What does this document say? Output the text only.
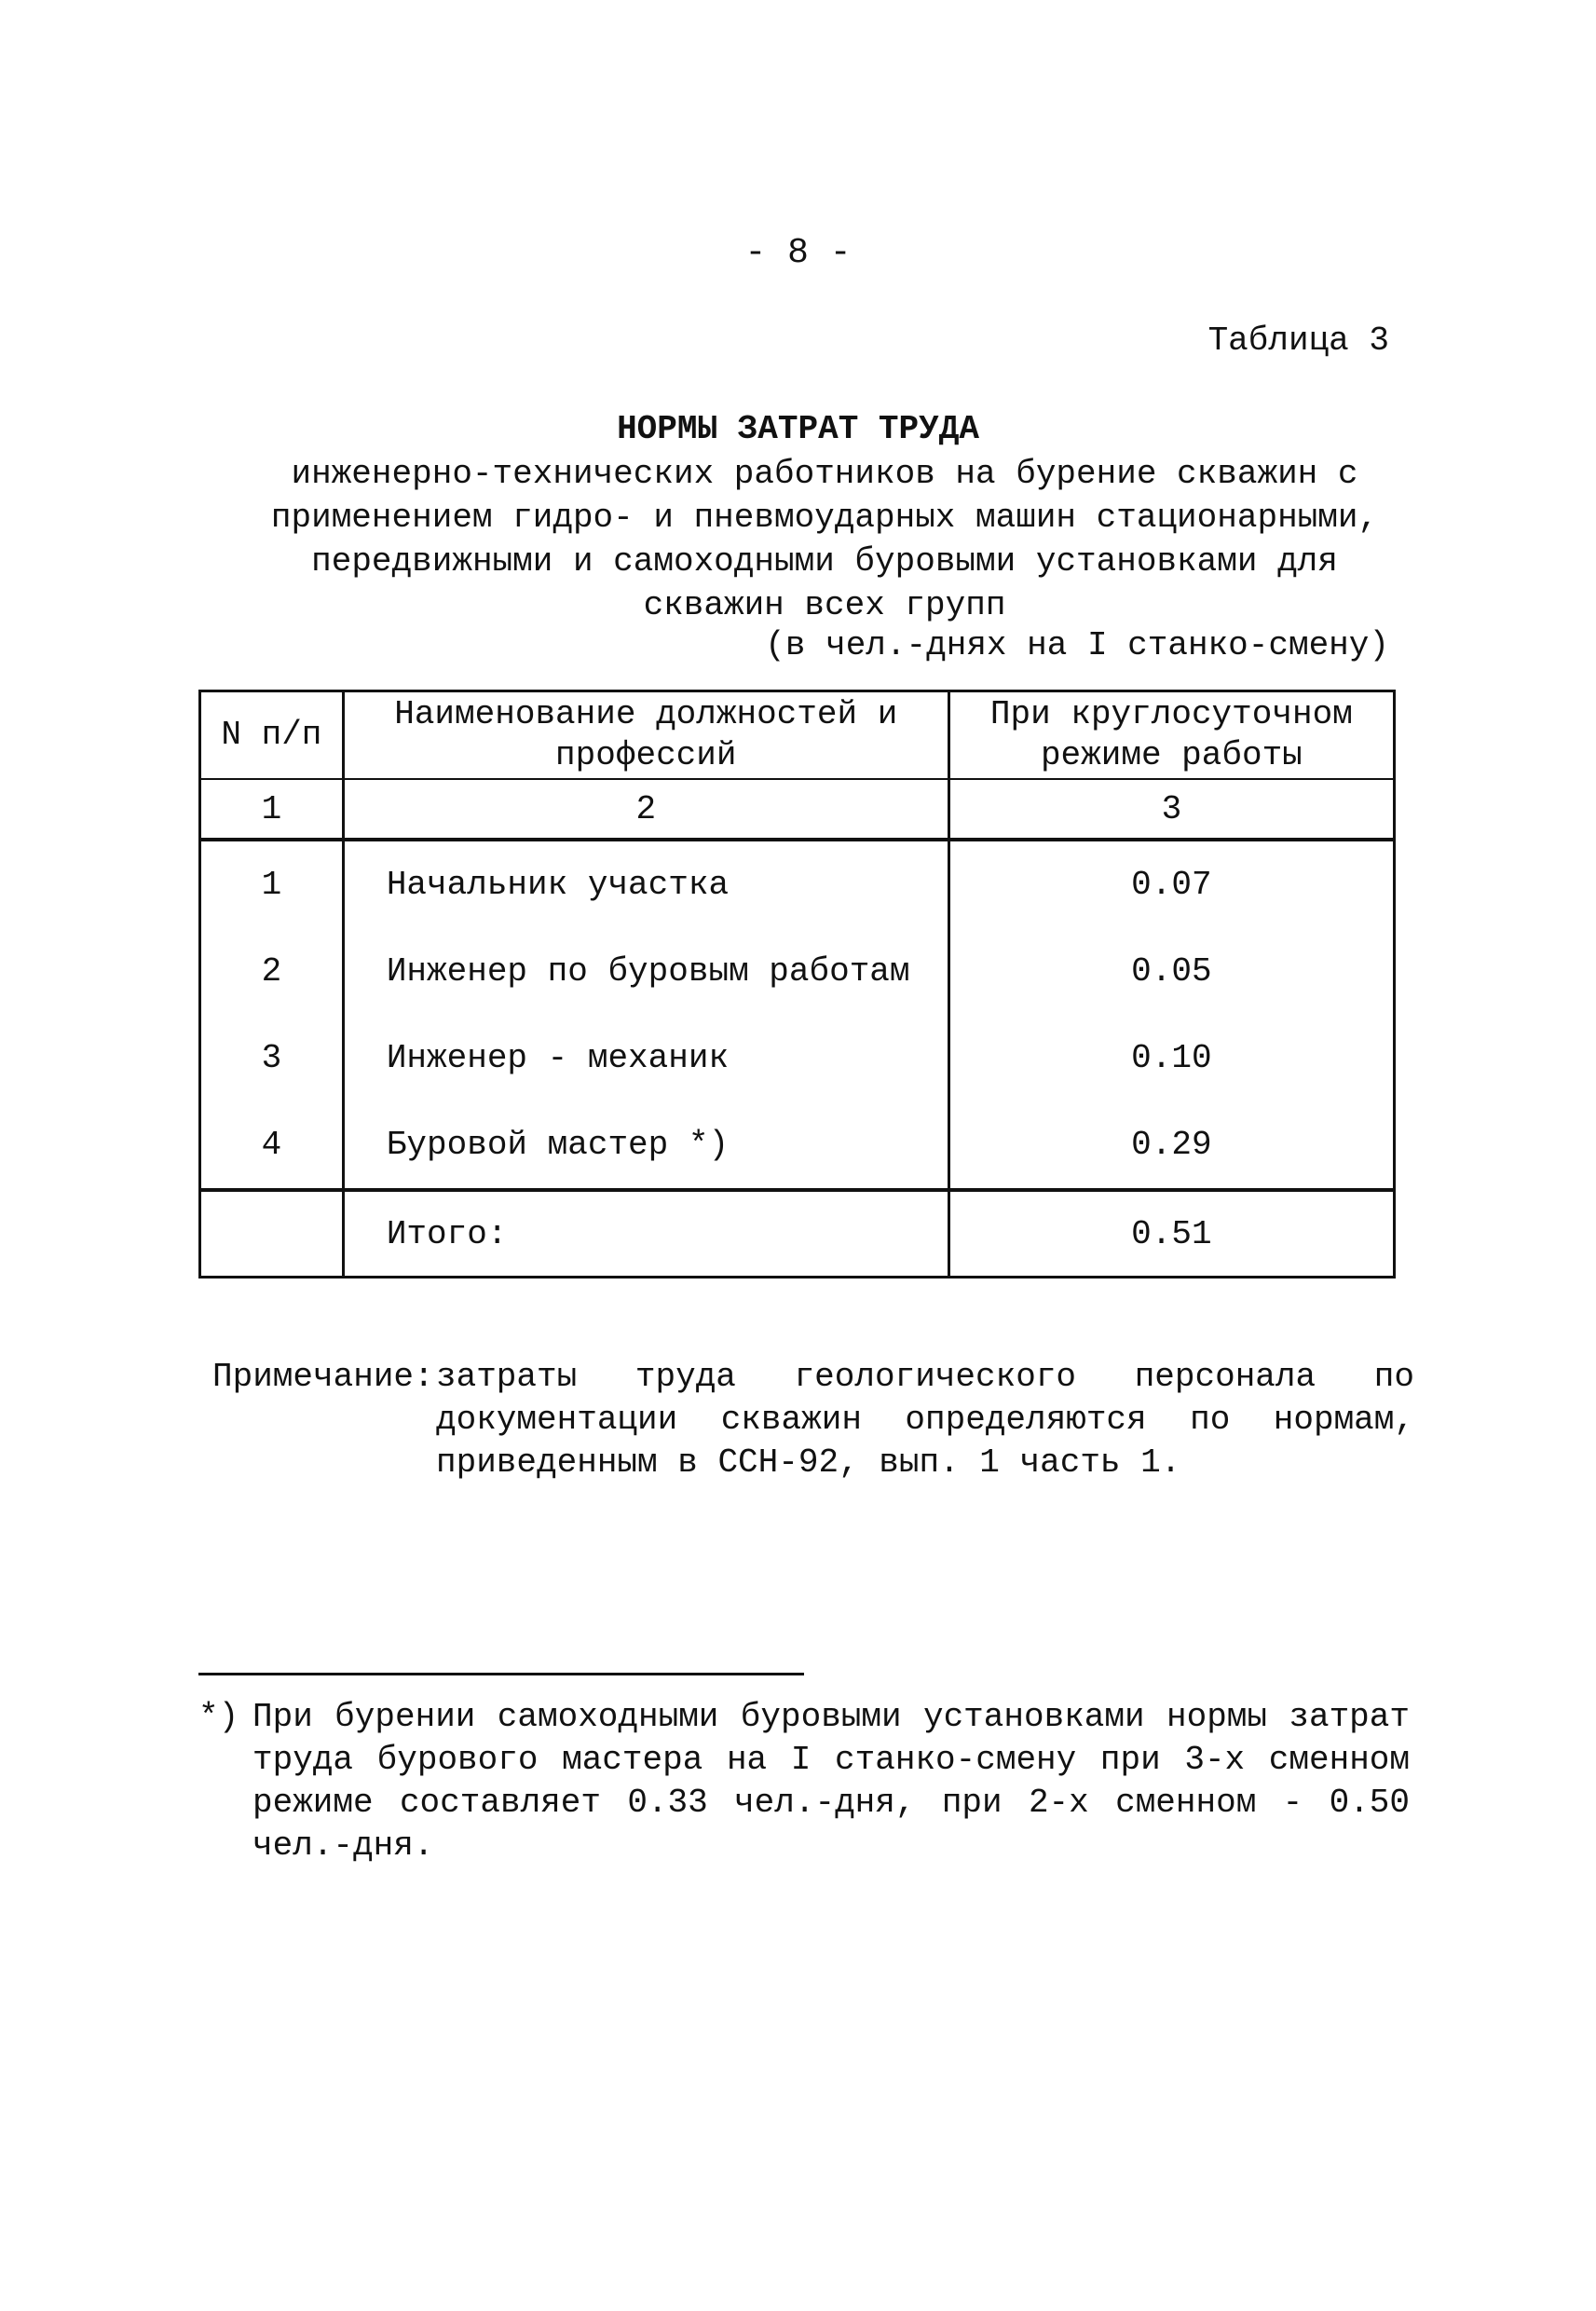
- 8 -
Таблица 3
НОРМЫ ЗАТРАТ ТРУДА
инженерно-технических работников на бурение скважин с применением гидро- и пневмоударных машин стационарными, передвижными и самоходными буровыми установками для скважин всех групп
(в чел.-днях на I станко-смену)
N п/п	Наименование должностей и профессий	При круглосуточном режиме работы
1	2	3
1	Начальник участка	0.07
2	Инженер по буровым работам	0.05
3	Инженер - механик	0.10
4	Буровой мастер *)	0.29
	Итого:	0.51
Примечание: затраты труда геологического персонала по документации скважин определяются по нормам, приведенным в ССН-92, вып. 1 часть 1.
*) При бурении самоходными буровыми установками нормы затрат труда бурового мастера на I станко-смену при 3-х сменном режиме составляет 0.33 чел.-дня, при 2-х сменном - 0.50 чел.-дня.
